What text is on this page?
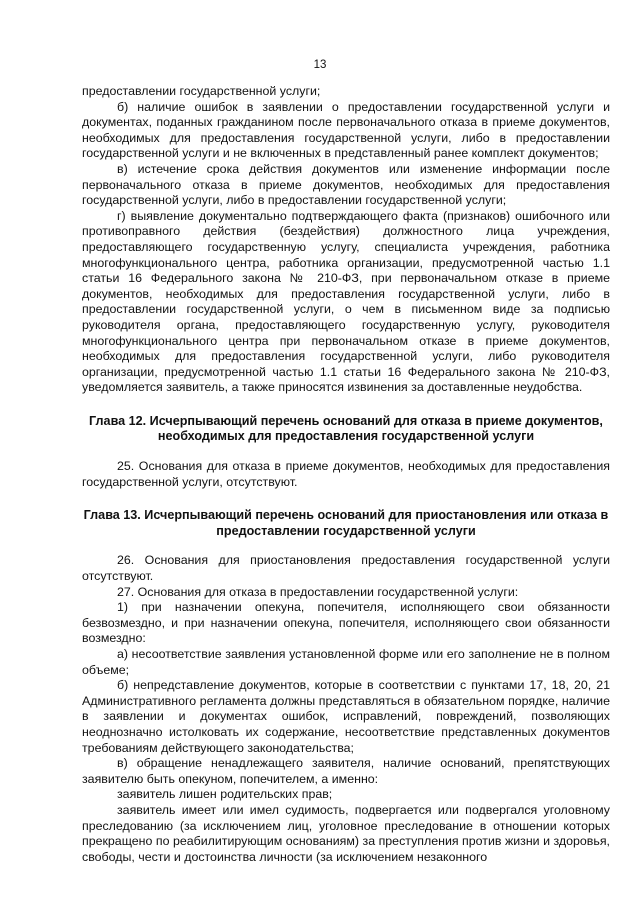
13

предоставлении государственной услуги;

б) наличие ошибок в заявлении о предоставлении государственной услуги и документах, поданных гражданином после первоначального отказа в приеме документов, необходимых для предоставления государственной услуги, либо в предоставлении государственной услуги и не включенных в представленный ранее комплект документов;

в) истечение срока действия документов или изменение информации после первоначального отказа в приеме документов, необходимых для предоставления государственной услуги, либо в предоставлении государственной услуги;

г) выявление документально подтверждающего факта (признаков) ошибочного или противоправного действия (бездействия) должностного лица учреждения, предоставляющего государственную услугу, специалиста учреждения, работника многофункционального центра, работника организации, предусмотренной частью 1.1 статьи 16 Федерального закона № 210-ФЗ, при первоначальном отказе в приеме документов, необходимых для предоставления государственной услуги, либо в предоставлении государственной услуги, о чем в письменном виде за подписью руководителя органа, предоставляющего государственную услугу, руководителя многофункционального центра при первоначальном отказе в приеме документов, необходимых для предоставления государственной услуги, либо руководителя организации, предусмотренной частью 1.1 статьи 16 Федерального закона № 210-ФЗ, уведомляется заявитель, а также приносятся извинения за доставленные неудобства.

Глава 12. Исчерпывающий перечень оснований для отказа в приеме документов, необходимых для предоставления государственной услуги

25. Основания для отказа в приеме документов, необходимых для предоставления государственной услуги, отсутствуют.

Глава 13. Исчерпывающий перечень оснований для приостановления или отказа в предоставлении государственной услуги

26. Основания для приостановления предоставления государственной услуги отсутствуют.

27. Основания для отказа в предоставлении государственной услуги:

1) при назначении опекуна, попечителя, исполняющего свои обязанности безвозмездно, и при назначении опекуна, попечителя, исполняющего свои обязанности возмездно:

а) несоответствие заявления установленной форме или его заполнение не в полном объеме;

б) непредставление документов, которые в соответствии с пунктами 17, 18, 20, 21 Административного регламента должны представляться в обязательном порядке, наличие в заявлении и документах ошибок, исправлений, повреждений, позволяющих неоднозначно истолковать их содержание, несоответствие представленных документов требованиям действующего законодательства;

в) обращение ненадлежащего заявителя, наличие оснований, препятствующих заявителю быть опекуном, попечителем, а именно:

заявитель лишен родительских прав;

заявитель имеет или имел судимость, подвергается или подвергался уголовному преследованию (за исключением лиц, уголовное преследование в отношении которых прекращено по реабилитирующим основаниям) за преступления против жизни и здоровья, свободы, чести и достоинства личности (за исключением незаконного
